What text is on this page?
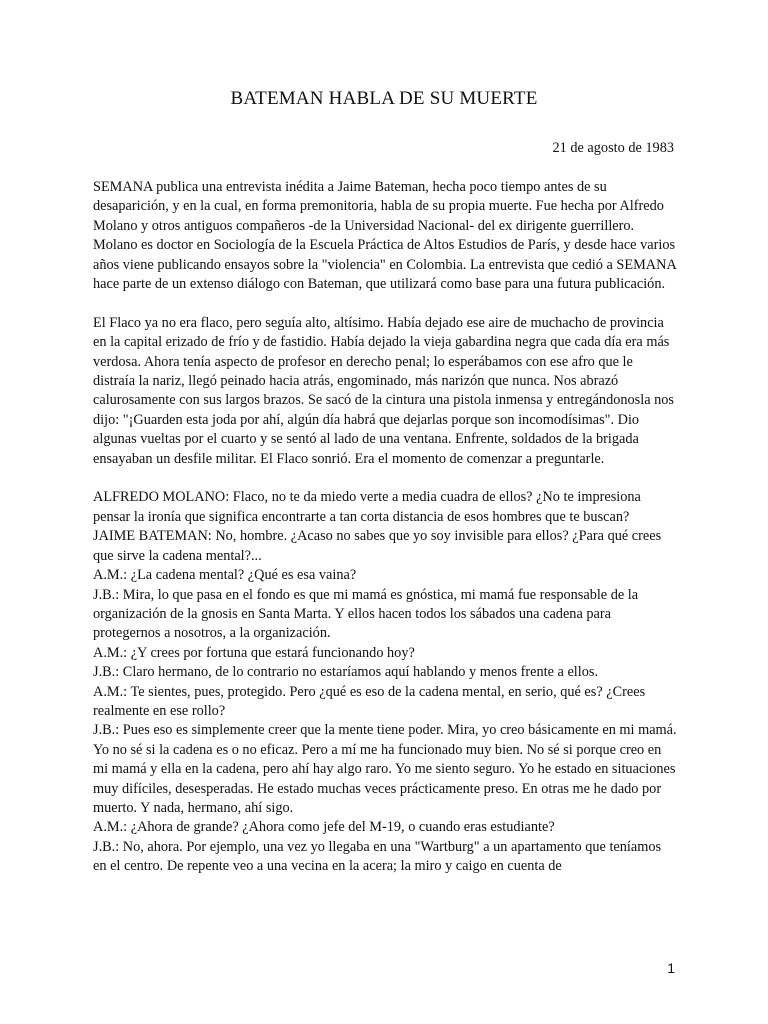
BATEMAN HABLA DE SU MUERTE
21 de agosto de 1983

SEMANA publica una entrevista inédita a Jaime Bateman, hecha poco tiempo antes de su desaparición, y en la cual, en forma premonitoria, habla de su propia muerte. Fue hecha por Alfredo Molano y otros antiguos compañeros -de la Universidad Nacional- del ex dirigente guerrillero. Molano es doctor en Sociología de la Escuela Práctica de Altos Estudios de París, y desde hace varios años viene publicando ensayos sobre la "violencia" en Colombia. La entrevista que cedió a SEMANA hace parte de un extenso diálogo con Bateman, que utilizará como base para una futura publicación.

El Flaco ya no era flaco, pero seguía alto, altísimo. Había dejado ese aire de muchacho de provincia en la capital erizado de frío y de fastidio. Había dejado la vieja gabardina negra que cada día era más verdosa. Ahora tenía aspecto de profesor en derecho penal; lo esperábamos con ese afro que le distraía la nariz, llegó peinado hacia atrás, engominado, más narizón que nunca. Nos abrazó calurosamente con sus largos brazos. Se sacó de la cintura una pistola inmensa y entregándonosla nos dijo: "¡Guarden esta joda por ahí, algún día habrá que dejarlas porque son incomodísimas". Dio algunas vueltas por el cuarto y se sentó al lado de una ventana. Enfrente, soldados de la brigada ensayaban un desfile militar. El Flaco sonrió. Era el momento de comenzar a preguntarle.

ALFREDO MOLANO: Flaco, no te da miedo verte a media cuadra de ellos? ¿No te impresiona pensar la ironía que significa encontrarte a tan corta distancia de esos hombres que te buscan?
JAIME BATEMAN: No, hombre. ¿Acaso no sabes que yo soy invisible para ellos? ¿Para qué crees que sirve la cadena mental?...
A.M.: ¿La cadena mental? ¿Qué es esa vaina?
J.B.: Mira, lo que pasa en el fondo es que mi mamá es gnóstica, mi mamá fue responsable de la organización de la gnosis en Santa Marta. Y ellos hacen todos los sábados una cadena para protegernos a nosotros, a la organización.
A.M.: ¿Y crees por fortuna que estará funcionando hoy?
J.B.: Claro hermano, de lo contrario no estaríamos aquí hablando y menos frente a ellos.
A.M.: Te sientes, pues, protegido. Pero ¿qué es eso de la cadena mental, en serio, qué es? ¿Crees realmente en ese rollo?
J.B.: Pues eso es simplemente creer que la mente tiene poder. Mira, yo creo básicamente en mi mamá. Yo no sé si la cadena es o no eficaz. Pero a mí me ha funcionado muy bien. No sé si porque creo en mi mamá y ella en la cadena, pero ahí hay algo raro. Yo me siento seguro. Yo he estado en situaciones muy difíciles, desesperadas. He estado muchas veces prácticamente preso. En otras me he dado por muerto. Y nada, hermano, ahí sigo.
A.M.: ¿Ahora de grande? ¿Ahora como jefe del M-19, o cuando eras estudiante?
J.B.: No, ahora. Por ejemplo, una vez yo llegaba en una "Wartburg" a un apartamento que teníamos en el centro. De repente veo a una vecina en la acera; la miro y caigo en cuenta de
1
